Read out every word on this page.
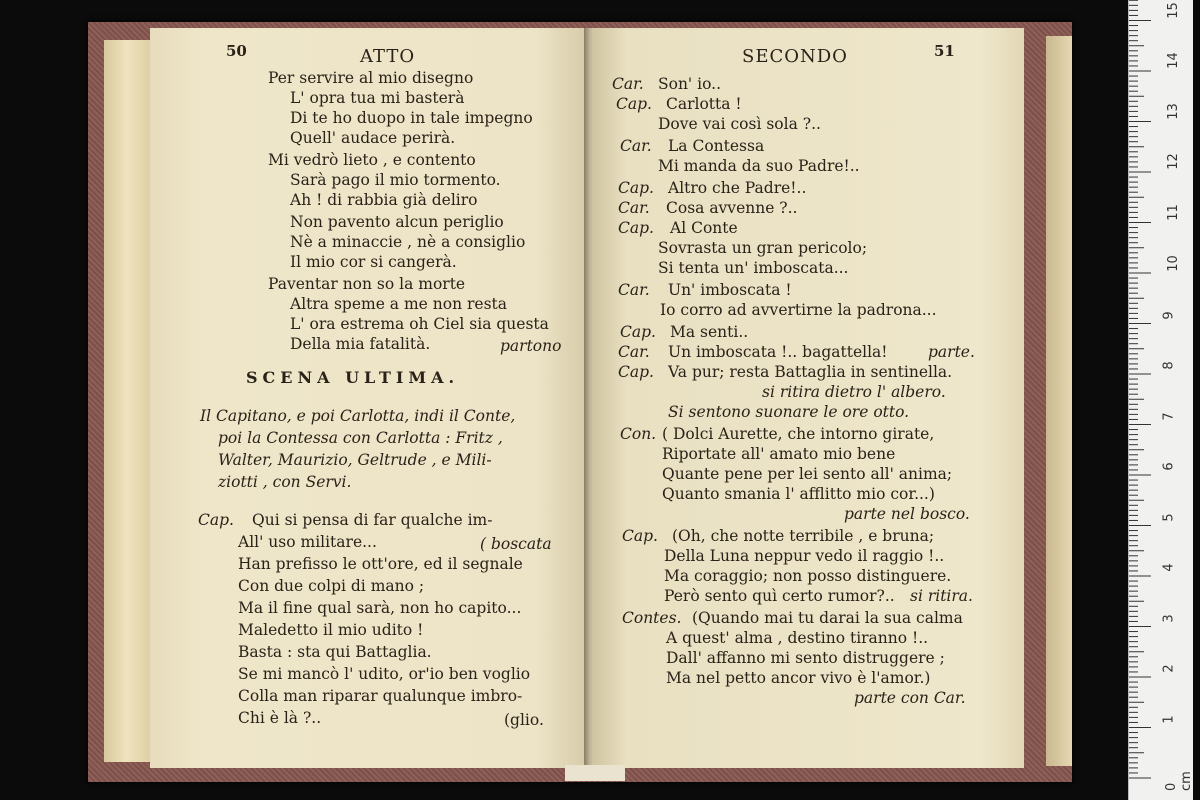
50	ATTO
Per servire al mio disegno
L' opra tua mi basterà
Di te ho duopo in tale impegno
Quell' audace perirà.
Mi vedrò lieto , e contento
Sarà pago il mio tormento.
Ah ! di rabbia già deliro
Non pavento alcun periglio
Nè a minaccie , nè a consiglio
Il mio cor si cangerà.
Paventar non so la morte
Altra speme a me non resta
L' ora estrema oh Ciel sia questa
Della mia fatalità.	partono
SCENA ULTIMA.
Il Capitano, e poi Carlotta, indi il Conte,
poi la Contessa con Carlotta : Fritz ,
Walter, Maurizio, Geltrude , e Mili-
ziotti , con Servi.
Cap. Qui si pensa di far qualche im-
All' uso militare...	( boscata
Han prefisso le ott'ore, ed il segnale
Con due colpi di mano ;
Ma il fine qual sarà, non ho capito...
Maledetto il mio udito !
Basta : sta qui Battaglia.
Se mi mancò l' udito, or'io ben voglio
Colla man riparar qualunque imbro-
Chi è là ?..	(glio.
SECONDO	51
Car. Son' io..
Cap. Carlotta !
Dove vai così sola ?..
Car. La Contessa
Mi manda da suo Padre!..
Cap. Altro che Padre!..
Car. Cosa avvenne ?..
Cap. Al Conte
Sovrasta un gran pericolo;
Si tenta un' imboscata...
Car. Un' imboscata !
Io corro ad avvertirne la padrona...
Cap. Ma senti..
Car. Un imboscata !.. bagattella!	parte.
Cap. Va pur; resta Battaglia in sentinella.
si ritira dietro l' albero.
Si sentono suonare le ore otto.
Con. ( Dolci Aurette, che intorno girate,
Riportate all' amato mio bene
Quante pene per lei sento all' anima;
Quanto smania l' afflitto mio cor...)
parte nel bosco.
Cap. (Oh, che notte terribile , e bruna;
Della Luna neppur vedo il raggio !..
Ma coraggio; non posso distinguere.
Però sento quì certo rumor?.. si ritira.
Contes. (Quando mai tu darai la sua calma
A quest' alma , destino tiranno !..
Dall' affanno mi sento distruggere ;
Ma nel petto ancor vivo è l'amor.)
parte con Car.
0 cm
1
2
3
4
5
6
7
8
9
10
11
12
13
14
15
